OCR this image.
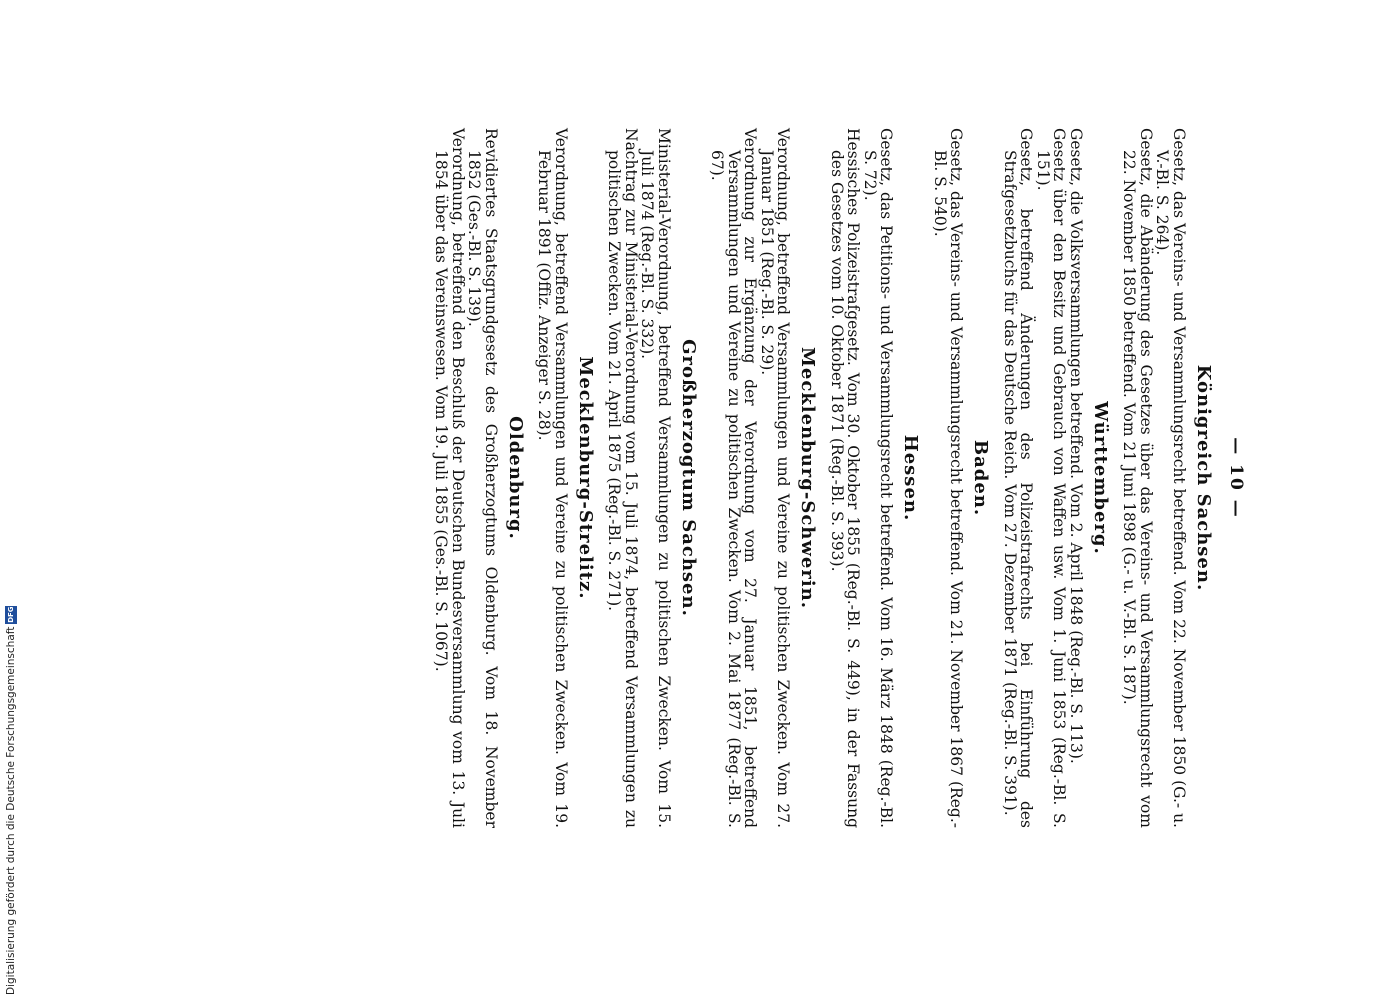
— 10 —
Königreich Sachsen.

Gesetz, das Vereins- und Versammlungsrecht betreffend. Vom 22. November 1850 (G.- u. V.-Bl. S. 264).

Gesetz, die Abänderung des Gesetzes über das Vereins- und Versammlungsrecht vom 22. November 1850 betreffend. Vom 21 Juni 1898 (G.- u. V.-Bl. S. 187).

Württemberg.

Gesetz, die Volksversammlungen betreffend. Vom 2. April 1848 (Reg.-Bl. S. 113).

Gesetz über den Besitz und Gebrauch von Waffen usw. Vom 1. Juni 1853 (Reg.-Bl. S. 151).

Gesetz, betreffend Änderungen des Polizeistrafrechts bei Einführung des Strafgesetzbuchs für das Deutsche Reich. Vom 27. Dezember 1871 (Reg.-Bl. S. 391).

Baden.

Gesetz, das Vereins- und Versammlungsrecht betreffend. Vom 21. November 1867 (Reg.-Bl. S. 540).

Hessen.

Gesetz, das Petitions- und Versammlungsrecht betreffend. Vom 16. März 1848 (Reg.-Bl. S. 72).

Hessisches Polizeistrafgesetz. Vom 30. Oktober 1855 (Reg.-Bl. S. 449), in der Fassung des Gesetzes vom 10. Oktober 1871 (Reg.-Bl. S. 393).

Mecklenburg-Schwerin.

Verordnung, betreffend Versammlungen und Vereine zu politischen Zwecken. Vom 27. Januar 1851 (Reg.-Bl. S. 29).

Verordnung zur Ergänzung der Verordnung vom 27. Januar 1851, betreffend Versammlungen und Vereine zu politischen Zwecken. Vom 2. Mai 1877 (Reg.-Bl. S. 67).

Großherzogtum Sachsen.

Ministerial-Verordnung, betreffend Versammlungen zu politischen Zwecken. Vom 15. Juli 1874 (Reg.-Bl. S. 332).

Nachtrag zur Ministerial-Verordnung vom 15. Juli 1874, betreffend Versammlungen zu politischen Zwecken. Vom 21. April 1875 (Reg.-Bl. S. 271).

Mecklenburg-Strelitz.

Verordnung, betreffend Versammlungen und Vereine zu politischen Zwecken. Vom 19. Februar 1891 (Offiz. Anzeiger S. 28).

Oldenburg.

Revidiertes Staatsgrundgesetz des Großherzogtums Oldenburg. Vom 18. November 1852 (Ges.-Bl. S. 139).

Verordnung, betreffend den Beschluß der Deutschen Bundesversammlung vom 13. Juli 1854 über das Vereinswesen. Vom 19. Juli 1855 (Ges.-Bl. S. 1067).

Digitalisierung gefördert durch die Deutsche Forschungsgemeinschaft
DFG
